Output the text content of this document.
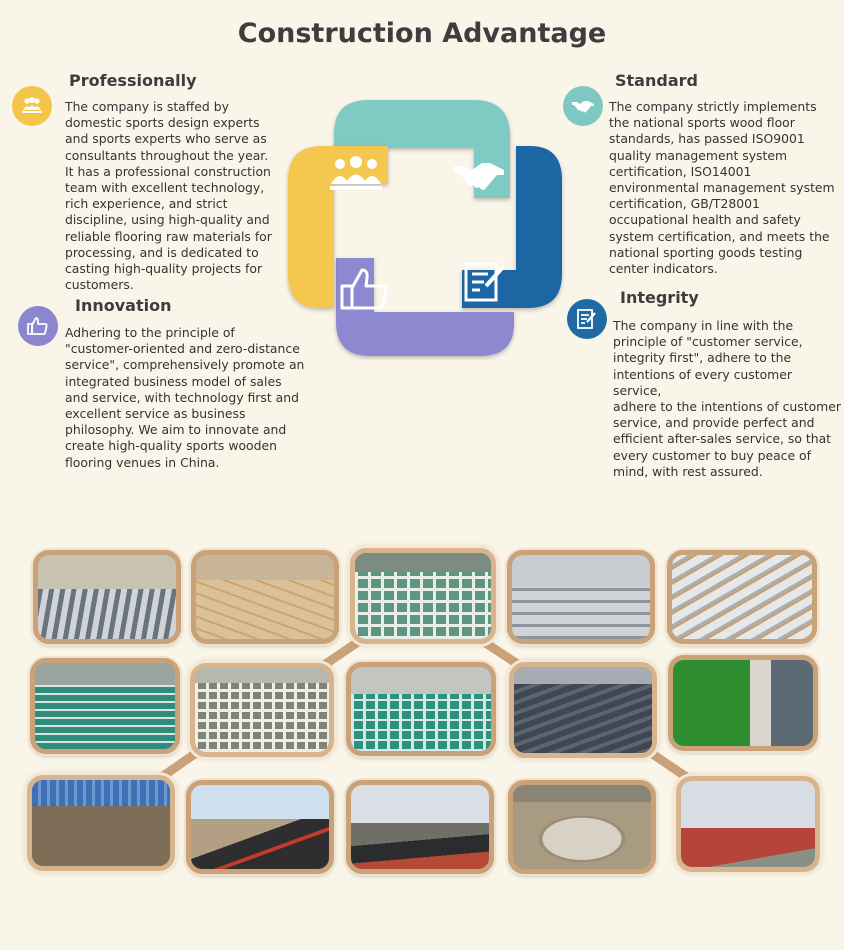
Construction Advantage
Professionally
The company is staffed by
domestic sports design experts
and sports experts who serve as
consultants throughout the year.
It has a professional construction
team with excellent technology,
rich experience, and strict
discipline, using high-quality and
reliable flooring raw materials for
processing, and is dedicated to
casting high-quality projects for
customers.
Innovation
Adhering to the principle of
"customer-oriented and zero-distance
service", comprehensively promote an
integrated business model of sales
and service, with technology first and
excellent service as business
philosophy. We aim to innovate and
create high-quality sports wooden
flooring venues in China.
Standard
The company strictly implements
the national sports wood floor
standards, has passed ISO9001
quality management system
certification, ISO14001
environmental management system
certification, GB/T28001
occupational health and safety
system certification, and meets the
national sporting goods testing
center indicators.
Integrity
The company in line with the
principle of "customer service,
integrity first", adhere to the
intentions of every customer service,
adhere to the intentions of customer
service, and provide perfect and
efficient after-sales service, so that
every customer to buy peace of
mind, with rest assured.
